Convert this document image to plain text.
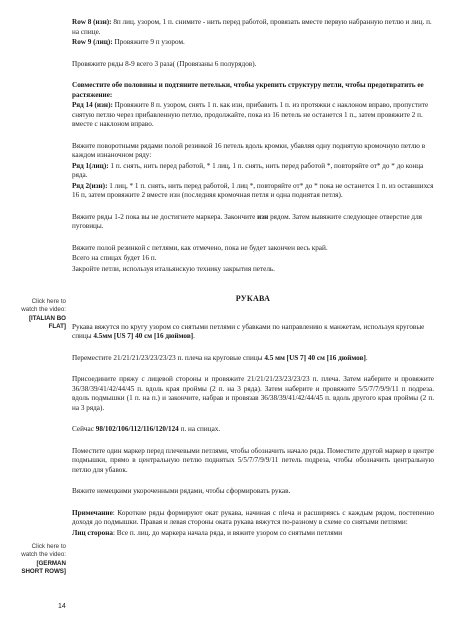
Click here to
watch the video:
[ITALIAN BO
FLAT]
Click here to
watch the video:
[GERMAN
SHORT ROWS]
14

Row 8 (изн): 8п лиц. узором, 1 п. снимите - нить перед работой, провязать вместе первую набранную петлю и лиц. п. на спице.

Row 9 (лиц): Провяжите 9 п узором.

Провяжите ряды 8-9 всего 3 раза( (Провязаны 6 полурядов).

Совместите обе половины и подтяните петельки, чтобы укрепить структуру петли, чтобы предотвратить ее растяжение:

Ряд 14 (изн): Провяжите 8 п. узором, снять 1 п. как изн, прибавить 1 п. из протяжки с наклоном вправо, пропустите снятую петлю через прибавленную петлю, продолжайте, пока из 16 петель не останется 1 п., затем провяжите 2 п. вместе с наклоном вправо.

Вяжите поворотными рядами полой резинкой 16 петель вдоль кромки, убавляя одну поднятую кромочную петлю в каждом изнаночном ряду:

Ряд 1(лиц): 1 п. снять, нить перед работой, * 1 лиц, 1 п. снять, нить перед работой *, повторяйте от* до * до конца ряда.

Ряд 2(изн): 1 лиц, * 1 п. снять, нить перед работой, 1 лиц *, повторяйте от* до * пока не останется 1 п. из оставшихся 16 п, затем провяжите 2 вместе изн (последняя кромочная петля и одна поднятая петля).

Вяжите ряды 1-2 пока вы не достигнете маркера. Закончите изн рядом. Затем вывяжите следующее отверстие для пуговицы.

Вяжите полой резинкой с петлями, как отмечено, пока не будет закончен весь край.

Всего на спицах будет 16 п.

Закройте петли, используя итальянскую технику закрытия петель.

РУКАВА

Рукава вяжутся по кругу узором со снятыми петлями с убавками по направлению к манжетам, используя круговые спицы 4.5мм [US 7] 40 см [16 дюймов].

Переместите 21/21/21/23/23/23/23 п. плеча на круговые спицы 4.5 мм [US 7] 40 см [16 дюймов].

Присоедините пряжу с лицевой стороны и провяжите 21/21/21/23/23/23/23 п. плеча. Затем наберите и провяжите 36/38/39/41/42/44/45 п. вдоль края проймы (2 п. на 3 ряда). Затем наберите и провяжите 5/5/7/7/9/9/11 п подреза. вдоль подмышки (1 п. на п.) и закончите, набрав и провязав 36/38/39/41/42/44/45 п. вдоль другого края проймы (2 п. на 3 ряда).

Сейчас 98/102/106/112/116/120/124 п. на спицах.

Поместите один маркер перед плечевыми петлями, чтобы обозначить начало ряда. Поместите другой маркер в центре подмышки, прямо в центральную петлю поднятых 5/5/7/7/9/9/11 петель подреза, чтобы обозначить центральную петлю для убавок.

Вяжите немецкими укороченными рядами, чтобы сформировать рукав.

Примечание: Короткие ряды формируют окат рукава, начиная с пleча и расширяясь с каждым рядом, постепенно доходя до подмышки. Правая и левая стороны оката рукава вяжутся по-разному в схеме со снятыми петлями:

Лиц сторона: Все п. лиц. до маркера начала ряда, и вяжите узором со снятыми петлями
